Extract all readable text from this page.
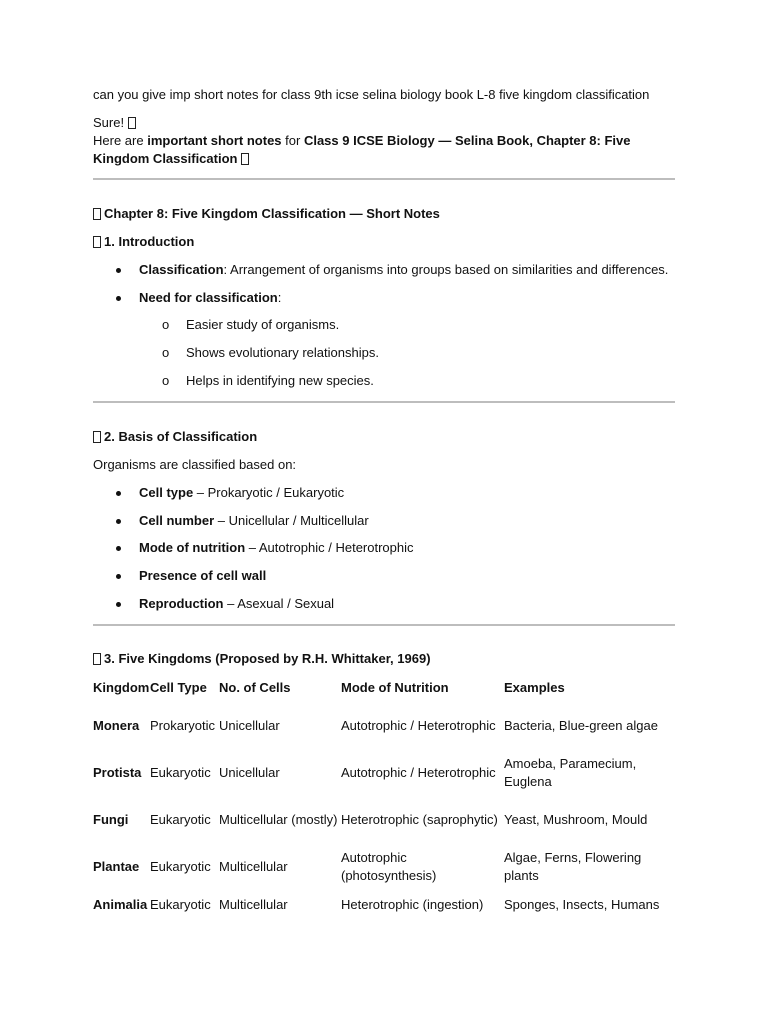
can you give imp short notes for class 9th icse selina biology book L-8 five kingdom classification

Sure!

Here are important short notes for Class 9 ICSE Biology — Selina Book, Chapter 8: Five Kingdom Classification

Chapter 8: Five Kingdom Classification — Short Notes

1. Introduction

Classification: Arrangement of organisms into groups based on similarities and differences.
Need for classification:
o Easier study of organisms.
o Shows evolutionary relationships.
o Helps in identifying new species.

2. Basis of Classification

Organisms are classified based on:

Cell type – Prokaryotic / Eukaryotic
Cell number – Unicellular / Multicellular
Mode of nutrition – Autotrophic / Heterotrophic
Presence of cell wall
Reproduction – Asexual / Sexual

3. Five Kingdoms (Proposed by R.H. Whittaker, 1969)

Kingdom	Cell Type	No. of Cells	Mode of Nutrition	Examples

Monera	Prokaryotic	Unicellular	Autotrophic / Heterotrophic	Bacteria, Blue-green algae

Protista	Eukaryotic	Unicellular	Autotrophic / Heterotrophic	Amoeba, Paramecium, Euglena

Fungi	Eukaryotic	Multicellular (mostly)	Heterotrophic (saprophytic)	Yeast, Mushroom, Mould

Plantae	Eukaryotic	Multicellular	Autotrophic (photosynthesis)	Algae, Ferns, Flowering plants

Animalia	Eukaryotic	Multicellular	Heterotrophic (ingestion)	Sponges, Insects, Humans
